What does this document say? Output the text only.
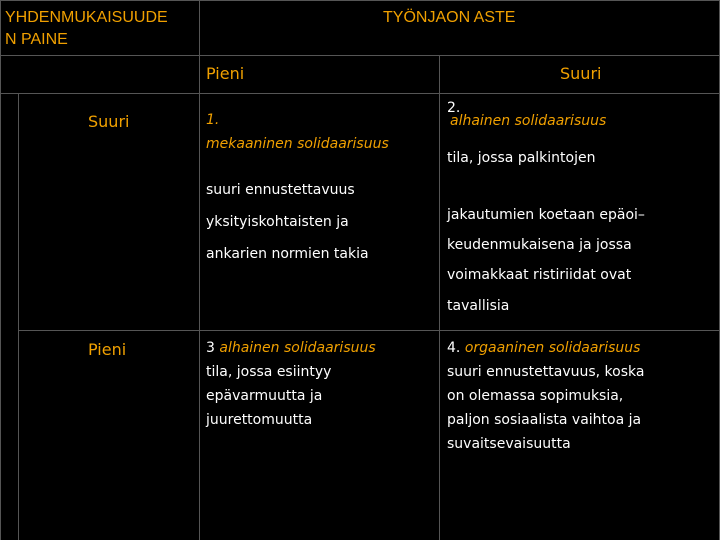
YHDENMUKAISUUDE
N PAINE
TYÖNJAON ASTE
Pieni	Suuri
Suuri
Pieni
1.
mekaaninen solidaarisuus
suuri ennustettavuus
yksityiskohtaisten ja
ankarien normien takia
2.
alhainen solidaarisuus
tila, jossa palkintojen
jakautumien koetaan epäoi–
keudenmukaisena ja jossa
voimakkaat ristiriidat ovat
tavallisia
3 alhainen solidaarisuus
tila, jossa esiintyy
epävarmuutta ja
juurettomuutta
4. orgaaninen solidaarisuus
suuri ennustettavuus, koska
on olemassa sopimuksia,
paljon sosiaalista vaihtoa ja
suvaitsevaisuutta
